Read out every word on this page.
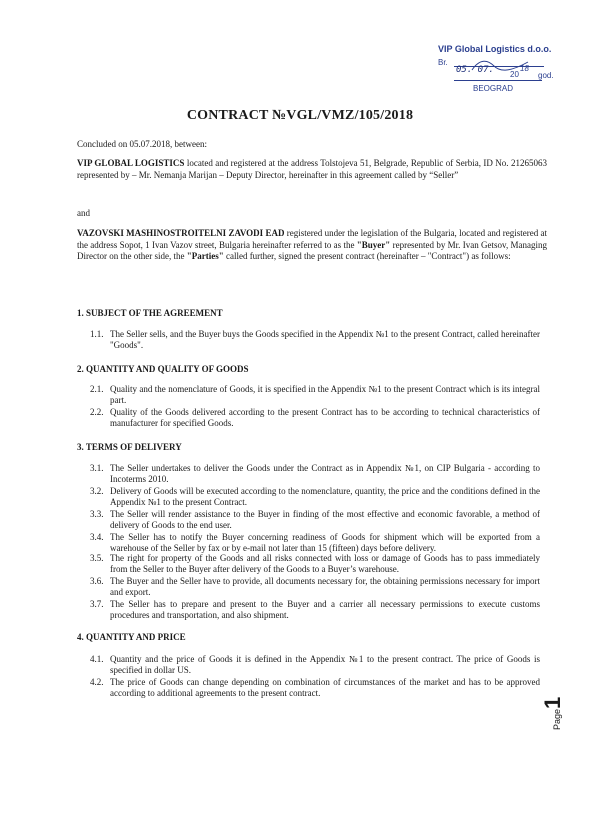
VIP Global Logistics d.o.o.
Br.
05. 07. 20
18
god.
BEOGRAD
CONTRACT №VGL/VMZ/105/2018
Concluded on 05.07.2018, between:
VIP GLOBAL LOGISTICS located and registered at the address Tolstojeva 51, Belgrade, Republic of Serbia, ID No. 21265063 represented by – Mr. Nemanja Marijan – Deputy Director, hereinafter in this agreement called by “Seller”
and
VAZOVSKI MASHINOSTROITELNI ZAVODI EAD registered under the legislation of the Bulgaria, located and registered at the address Sopot, 1 Ivan Vazov street, Bulgaria hereinafter referred to as the "Buyer" represented by Mr. Ivan Getsov, Managing Director on the other side, the "Parties" called further, signed the present contract (hereinafter – "Contract") as follows:
1. SUBJECT OF THE AGREEMENT
1.1. The Seller sells, and the Buyer buys the Goods specified in the Appendix №1 to the present Contract, called hereinafter "Goods".
2. QUANTITY AND QUALITY OF GOODS
2.1. Quality and the nomenclature of Goods, it is specified in the Appendix №1 to the present Contract which is its integral part.
2.2. Quality of the Goods delivered according to the present Contract has to be according to technical characteristics of manufacturer for specified Goods.
3. TERMS OF DELIVERY
3.1. The Seller undertakes to deliver the Goods under the Contract as in Appendix №1, on CIP Bulgaria - according to Incoterms 2010.
3.2. Delivery of Goods will be executed according to the nomenclature, quantity, the price and the conditions defined in the Appendix №1 to the present Contract.
3.3. The Seller will render assistance to the Buyer in finding of the most effective and economic favorable, a method of delivery of Goods to the end user.
3.4. The Seller has to notify the Buyer concerning readiness of Goods for shipment which will be exported from a warehouse of the Seller by fax or by e-mail not later than 15 (fifteen) days before delivery.
3.5. The right for property of the Goods and all risks connected with loss or damage of Goods has to pass immediately from the Seller to the Buyer after delivery of the Goods to a Buyer’s warehouse.
3.6. The Buyer and the Seller have to provide, all documents necessary for, the obtaining permissions necessary for import and export.
3.7. The Seller has to prepare and present to the Buyer and a carrier all necessary permissions to execute customs procedures and transportation, and also shipment.
4. QUANTITY AND PRICE
4.1. Quantity and the price of Goods it is defined in the Appendix №1 to the present contract. The price of Goods is specified in dollar US.
4.2. The price of Goods can change depending on combination of circumstances of the market and has to be approved according to additional agreements to the present contract.
Page1
